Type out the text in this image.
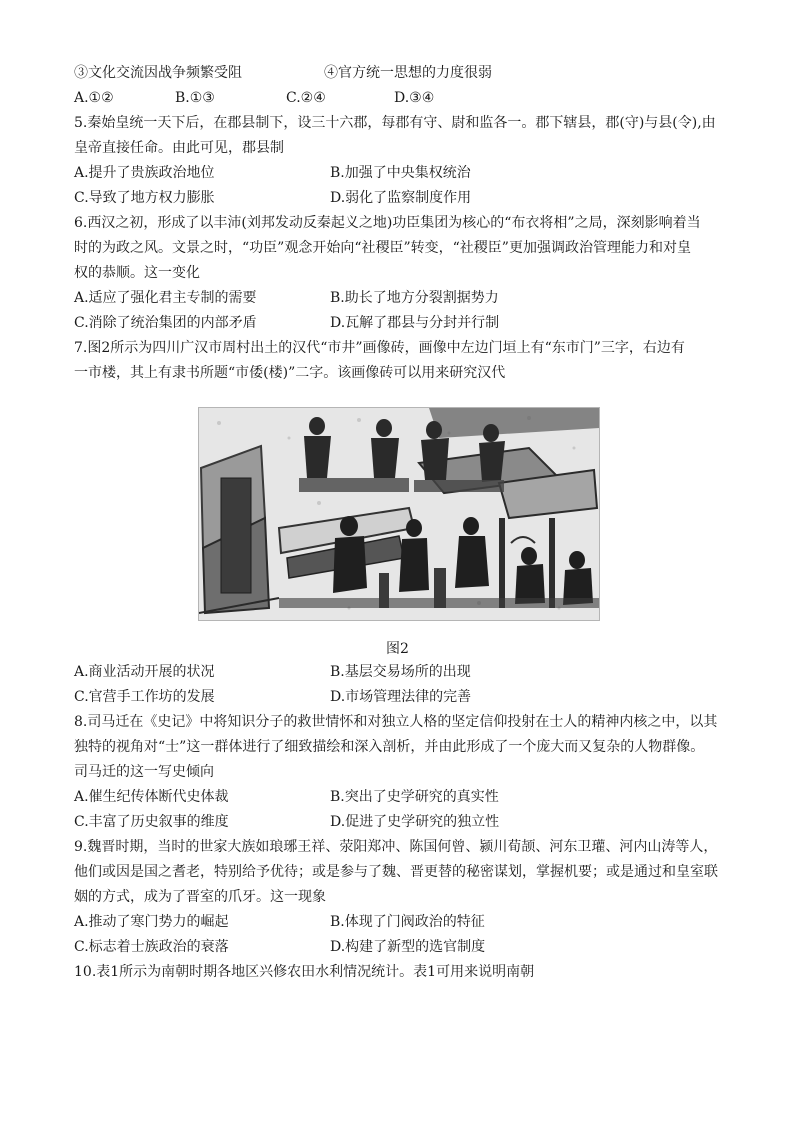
③文化交流因战争频繁受阻	④官方统一思想的力度很弱
A.①②	B.①③	C.②④	D.③④
5.秦始皇统一天下后，在郡县制下，设三十六郡，每郡有守、尉和监各一。郡下辖县，郡(守)与县(令),由
皇帝直接任命。由此可见，郡县制
A.提升了贵族政治地位	B.加强了中央集权统治
C.导致了地方权力膨胀	D.弱化了监察制度作用
6.西汉之初，形成了以丰沛(刘邦发动反秦起义之地)功臣集团为核心的“布衣将相”之局，深刻影响着当
时的为政之风。文景之时，“功臣”观念开始向“社稷臣”转变，“社稷臣”更加强调政治管理能力和对皇
权的恭顺。这一变化
A.适应了强化君主专制的需要	B.助长了地方分裂割据势力
C.消除了统治集团的内部矛盾	D.瓦解了郡县与分封并行制
7.图2所示为四川广汉市周村出土的汉代“市井”画像砖，画像中左边门垣上有“东市门”三字，右边有
一市楼，其上有隶书所题“市倭(楼)”二字。该画像砖可以用来研究汉代
图2
A.商业活动开展的状况	B.基层交易场所的出现
C.官营手工作坊的发展	D.市场管理法律的完善
8.司马迁在《史记》中将知识分子的救世情怀和对独立人格的坚定信仰投射在士人的精神内核之中，以其
独特的视角对“士”这一群体进行了细致描绘和深入剖析，并由此形成了一个庞大而又复杂的人物群像。
司马迁的这一写史倾向
A.催生纪传体断代史体裁	B.突出了史学研究的真实性
C.丰富了历史叙事的维度	D.促进了史学研究的独立性
9.魏晋时期，当时的世家大族如琅琊王祥、荥阳郑冲、陈国何曾、颍川荀颉、河东卫瓘、河内山涛等人，
他们或因是国之耆老，特别给予优待；或是参与了魏、晋更替的秘密谋划，掌握机要；或是通过和皇室联
姻的方式，成为了晋室的爪牙。这一现象
A.推动了寒门势力的崛起	B.体现了门阀政治的特征
C.标志着士族政治的衰落	D.构建了新型的选官制度
10.表1所示为南朝时期各地区兴修农田水利情况统计。表1可用来说明南朝
